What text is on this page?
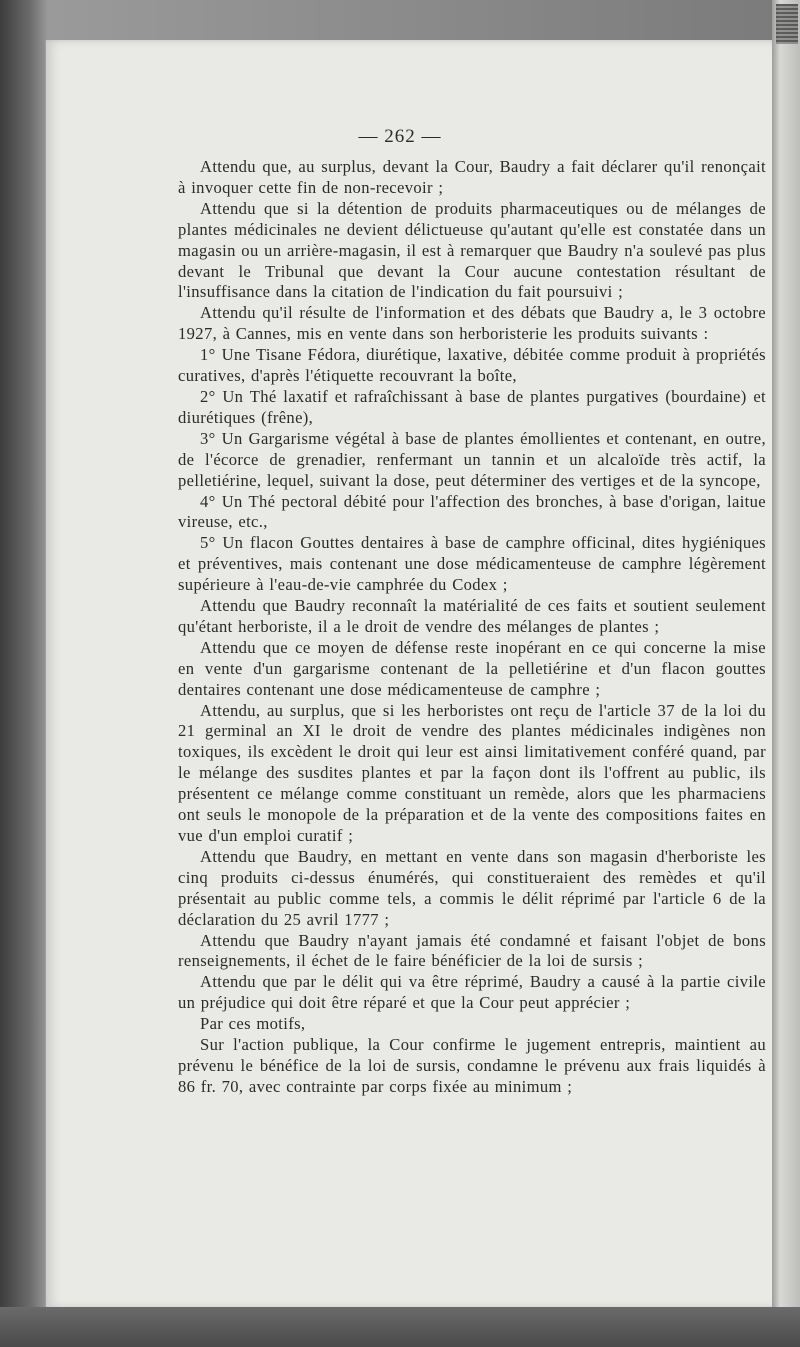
— 262 —

Attendu que, au surplus, devant la Cour, Baudry a fait déclarer qu'il renonçait à invoquer cette fin de non-recevoir ;

Attendu que si la détention de produits pharmaceutiques ou de mélanges de plantes médicinales ne devient délictueuse qu'autant qu'elle est constatée dans un magasin ou un arrière-magasin, il est à remarquer que Baudry n'a soulevé pas plus devant le Tribunal que devant la Cour aucune contestation résultant de l'insuffisance dans la citation de l'indication du fait poursuivi ;

Attendu qu'il résulte de l'information et des débats que Baudry a, le 3 octobre 1927, à Cannes, mis en vente dans son herboristerie les produits suivants :

1° Une Tisane Fédora, diurétique, laxative, débitée comme produit à propriétés curatives, d'après l'étiquette recouvrant la boîte,

2° Un Thé laxatif et rafraîchissant à base de plantes purgatives (bourdaine) et diurétiques (frêne),

3° Un Gargarisme végétal à base de plantes émollientes et contenant, en outre, de l'écorce de grenadier, renfermant un tannin et un alcaloïde très actif, la pelletiérine, lequel, suivant la dose, peut déterminer des vertiges et de la syncope,

4° Un Thé pectoral débité pour l'affection des bronches, à base d'origan, laitue vireuse, etc.,

5° Un flacon Gouttes dentaires à base de camphre officinal, dites hygiéniques et préventives, mais contenant une dose médicamenteuse de camphre légèrement supérieure à l'eau-de-vie camphrée du Codex ;

Attendu que Baudry reconnaît la matérialité de ces faits et soutient seulement qu'étant herboriste, il a le droit de vendre des mélanges de plantes ;

Attendu que ce moyen de défense reste inopérant en ce qui concerne la mise en vente d'un gargarisme contenant de la pelletiérine et d'un flacon gouttes dentaires contenant une dose médicamenteuse de camphre ;

Attendu, au surplus, que si les herboristes ont reçu de l'article 37 de la loi du 21 germinal an XI le droit de vendre des plantes médicinales indigènes non toxiques, ils excèdent le droit qui leur est ainsi limitativement conféré quand, par le mélange des susdites plantes et par la façon dont ils l'offrent au public, ils présentent ce mélange comme constituant un remède, alors que les pharmaciens ont seuls le monopole de la préparation et de la vente des compositions faites en vue d'un emploi curatif ;

Attendu que Baudry, en mettant en vente dans son magasin d'herboriste les cinq produits ci-dessus énumérés, qui constitueraient des remèdes et qu'il présentait au public comme tels, a commis le délit réprimé par l'article 6 de la déclaration du 25 avril 1777 ;

Attendu que Baudry n'ayant jamais été condamné et faisant l'objet de bons renseignements, il échet de le faire bénéficier de la loi de sursis ;

Attendu que par le délit qui va être réprimé, Baudry a causé à la partie civile un préjudice qui doit être réparé et que la Cour peut apprécier ;

Par ces motifs,

Sur l'action publique, la Cour confirme le jugement entrepris, maintient au prévenu le bénéfice de la loi de sursis, condamne le prévenu aux frais liquidés à 86 fr. 70, avec contrainte par corps fixée au minimum ;
